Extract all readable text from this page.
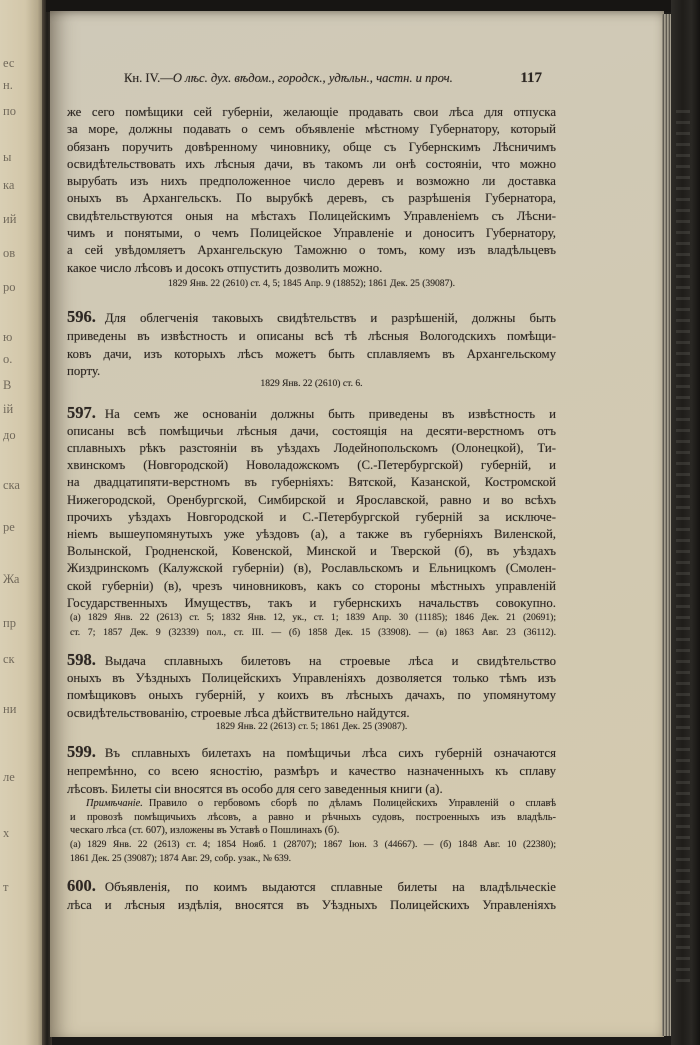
ес
н.
по
ы
ка
ий
ов
ро
ю
о.
В
ій
до
ска
ре
Жа
пр
ск
ни
ле
х
т
Кн. IV.—О лѣс. дух. вѣдом., городск., удѣльн., частн. и проч.	117
же сего помѣщики сей губерніи, желающіе продавать свои лѣса для отпуска
за море, должны подавать о семъ объявленіе мѣстному Губернатору, который
обязанъ поручить довѣренному чиновнику, обще съ Губернскимъ Лѣсничимъ
освидѣтельствовать ихъ лѣсныя дачи, въ такомъ ли онѣ состояніи, что можно
вырубать изъ нихъ предположенное число деревъ и возможно ли доставка
оныхъ въ Архангельскъ. По вырубкѣ деревъ, съ разрѣшенія Губернатора,
свидѣтельствуются оныя на мѣстахъ Полицейскимъ Управленіемъ съ Лѣсни-
чимъ и понятыми, о чемъ Полицейское Управленіе и доноситъ Губернатору,
а сей увѣдомляетъ Архангельскую Таможню о томъ, кому изъ владѣльцевъ
какое число лѣсовъ и досокъ отпустить дозволить можно.
1829 Янв. 22 (2610) ст. 4, 5; 1845 Апр. 9 (18852); 1861 Дек. 25 (39087).
596. Для облегченія таковыхъ свидѣтельствъ и разрѣшеній, должны быть
приведены въ извѣстность и описаны всѣ тѣ лѣсныя Вологодскихъ помѣщи-
ковъ дачи, изъ которыхъ лѣсъ можетъ быть сплавляемъ въ Архангельскому
порту.
1829 Янв. 22 (2610) ст. 6.
597. На семъ же основаніи должны быть приведены въ извѣстность и
описаны всѣ помѣщичьи лѣсныя дачи, состоящія на десяти-верстномъ отъ
сплавныхъ рѣкъ разстояніи въ уѣздахъ Лодейнопольскомъ (Олонецкой), Ти-
хвинскомъ (Новгородской) Новоладожскомъ (С.-Петербургской) губерній, и
на двадцатипяти-верстномъ въ губерніяхъ: Вятской, Казанской, Костромской
Нижегородской, Оренбургской, Симбирской и Ярославской, равно и во всѣхъ
прочихъ уѣздахъ Новгородской и С.-Петербургской губерній за исключе-
ніемъ вышеупомянутыхъ уже уѣздовъ (а), а также въ губерніяхъ Виленской,
Волынской, Гродненской, Ковенской, Минской и Тверской (б), въ уѣздахъ
Жиздринскомъ (Калужской губерніи) (в), Рославльскомъ и Ельницкомъ (Смолен-
ской губерніи) (в), чрезъ чиновниковъ, какъ со стороны мѣстныхъ управленій
Государственныхъ Имуществъ, такъ и губернскихъ начальствъ совокупно.
(а) 1829 Янв. 22 (2613) ст. 5; 1832 Янв. 12, ук., ст. 1; 1839 Апр. 30 (11185); 1846 Дек. 21 (20691);
ст. 7; 1857 Дек. 9 (32339) пол., ст. III. — (б) 1858 Дек. 15 (33908). — (в) 1863 Авг. 23 (36112).
598. Выдача сплавныхъ билетовъ на строевые лѣса и свидѣтельство
оныхъ въ Уѣздныхъ Полицейскихъ Управленіяхъ дозволяется только тѣмъ изъ
помѣщиковъ оныхъ губерній, у коихъ въ лѣсныхъ дачахъ, по упомянутому
освидѣтельствованію, строевые лѣса дѣйствительно найдутся.
1829 Янв. 22 (2613) ст. 5; 1861 Дек. 25 (39087).
599. Въ сплавныхъ билетахъ на помѣщичьи лѣса сихъ губерній означаются
непремѣнно, со всею ясностію, размѣръ и качество назначенныхъ къ сплаву
лѣсовъ. Билеты сіи вносятся въ особо для сего заведенныя книги (а).
Примѣчаніе. Правило о гербовомъ сборѣ по дѣламъ Полицейскихъ Управленій о сплавѣ
и провозѣ помѣщичьихъ лѣсовъ, а равно и рѣчныхъ судовъ, построенныхъ изъ владѣль-
ческаго лѣса (ст. 607), изложены въ Уставѣ о Пошлинахъ (б).
(а) 1829 Янв. 22 (2613) ст. 4; 1854 Нояб. 1 (28707); 1867 Іюн. 3 (44667). — (б) 1848 Авг. 10 (22380);
1861 Дек. 25 (39087); 1874 Авг. 29, собр. узак., № 639.
600. Объявленія, по коимъ выдаются сплавные билеты на владѣльческіе
лѣса и лѣсныя издѣлія, вносятся въ Уѣздныхъ Полицейскихъ Управленіяхъ
